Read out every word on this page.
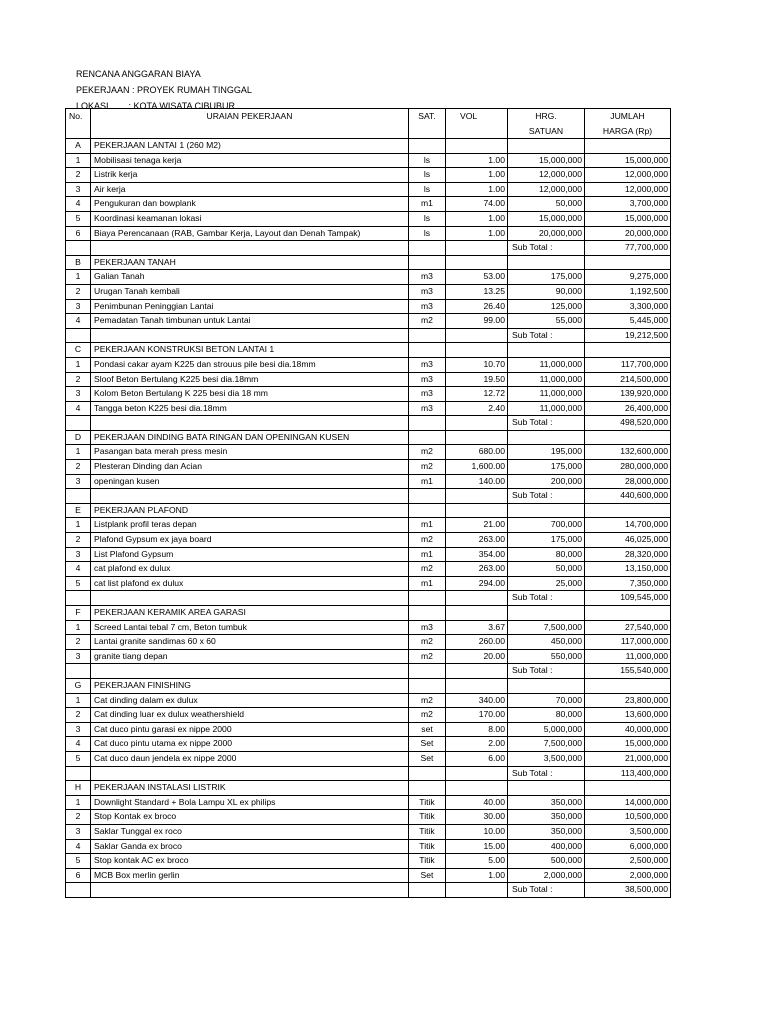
RENCANA ANGGARAN BIAYA
PEKERJAAN : PROYEK RUMAH TINGGAL
LOKASI        : KOTA WISATA CIBUBUR
No.	URAIAN PEKERJAAN	SAT.	VOL	HRG.	JUMLAH
				SATUAN	HARGA (Rp)
A	PEKERJAAN LANTAI 1 (260 M2)				
1	Mobilisasi tenaga kerja	ls	1.00	15,000,000	15,000,000
2	Listrik kerja	ls	1.00	12,000,000	12,000,000
3	Air kerja	ls	1.00	12,000,000	12,000,000
4	Pengukuran dan bowplank	m1	74.00	50,000	3,700,000
5	Koordinasi keamanan lokasi	ls	1.00	15,000,000	15,000,000
6	Biaya Perencanaan (RAB, Gambar Kerja, Layout dan Denah Tampak)	ls	1.00	20,000,000	20,000,000
				Sub Total :	77,700,000
B	PEKERJAAN TANAH				
1	Galian Tanah	m3	53.00	175,000	9,275,000
2	Urugan Tanah kembali	m3	13.25	90,000	1,192,500
3	Penimbunan Peninggian Lantai	m3	26.40	125,000	3,300,000
4	Pemadatan Tanah timbunan untuk Lantai	m2	99.00	55,000	5,445,000
				Sub Total :	19,212,500
C	PEKERJAAN KONSTRUKSI BETON LANTAI 1				
1	Pondasi cakar ayam K225 dan strouus pile besi dia.18mm	m3	10.70	11,000,000	117,700,000
2	Sloof Beton Bertulang K225 besi dia.18mm	m3	19.50	11,000,000	214,500,000
3	Kolom Beton Bertulang K 225 besi dia 18 mm	m3	12.72	11,000,000	139,920,000
4	Tangga beton K225 besi dia.18mm	m3	2.40	11,000,000	26,400,000
				Sub Total :	498,520,000
D	PEKERJAAN DINDING BATA RINGAN DAN OPENINGAN KUSEN				
1	Pasangan bata merah press mesin	m2	680.00	195,000	132,600,000
2	Plesteran Dinding dan Acian	m2	1,600.00	175,000	280,000,000
3	openingan kusen	m1	140.00	200,000	28,000,000
				Sub Total :	440,600,000
E	PEKERJAAN PLAFOND				
1	Listplank profil teras depan	m1	21.00	700,000	14,700,000
2	Plafond Gypsum ex jaya board	m2	263.00	175,000	46,025,000
3	List Plafond Gypsum	m1	354.00	80,000	28,320,000
4	cat plafond ex dulux	m2	263.00	50,000	13,150,000
5	cat list plafond ex dulux	m1	294.00	25,000	7,350,000
				Sub Total :	109,545,000
F	PEKERJAAN KERAMIK AREA GARASI				
1	Screed Lantai tebal 7 cm, Beton tumbuk	m3	3.67	7,500,000	27,540,000
2	Lantai granite sandimas 60 x 60	m2	260.00	450,000	117,000,000
3	granite tiang depan	m2	20.00	550,000	11,000,000
				Sub Total :	155,540,000
G	PEKERJAAN FINISHING				
1	Cat dinding dalam ex dulux	m2	340.00	70,000	23,800,000
2	Cat dinding luar ex dulux weathershield	m2	170.00	80,000	13,600,000
3	Cat duco pintu garasi ex nippe 2000	set	8.00	5,000,000	40,000,000
4	Cat duco pintu utama ex nippe 2000	Set	2.00	7,500,000	15,000,000
5	Cat duco daun jendela ex nippe 2000	Set	6.00	3,500,000	21,000,000
				Sub Total :	113,400,000
H	PEKERJAAN INSTALASI LISTRIK				
1	Downlight Standard + Bola Lampu XL ex philips	Titik	40.00	350,000	14,000,000
2	Stop Kontak ex broco	Titik	30.00	350,000	10,500,000
3	Saklar Tunggal ex roco	Titik	10.00	350,000	3,500,000
4	Saklar Ganda ex broco	Titik	15.00	400,000	6,000,000
5	Stop kontak AC ex broco	Titik	5.00	500,000	2,500,000
6	MCB Box merlin gerlin	Set	1.00	2,000,000	2,000,000
				Sub Total :	38,500,000
